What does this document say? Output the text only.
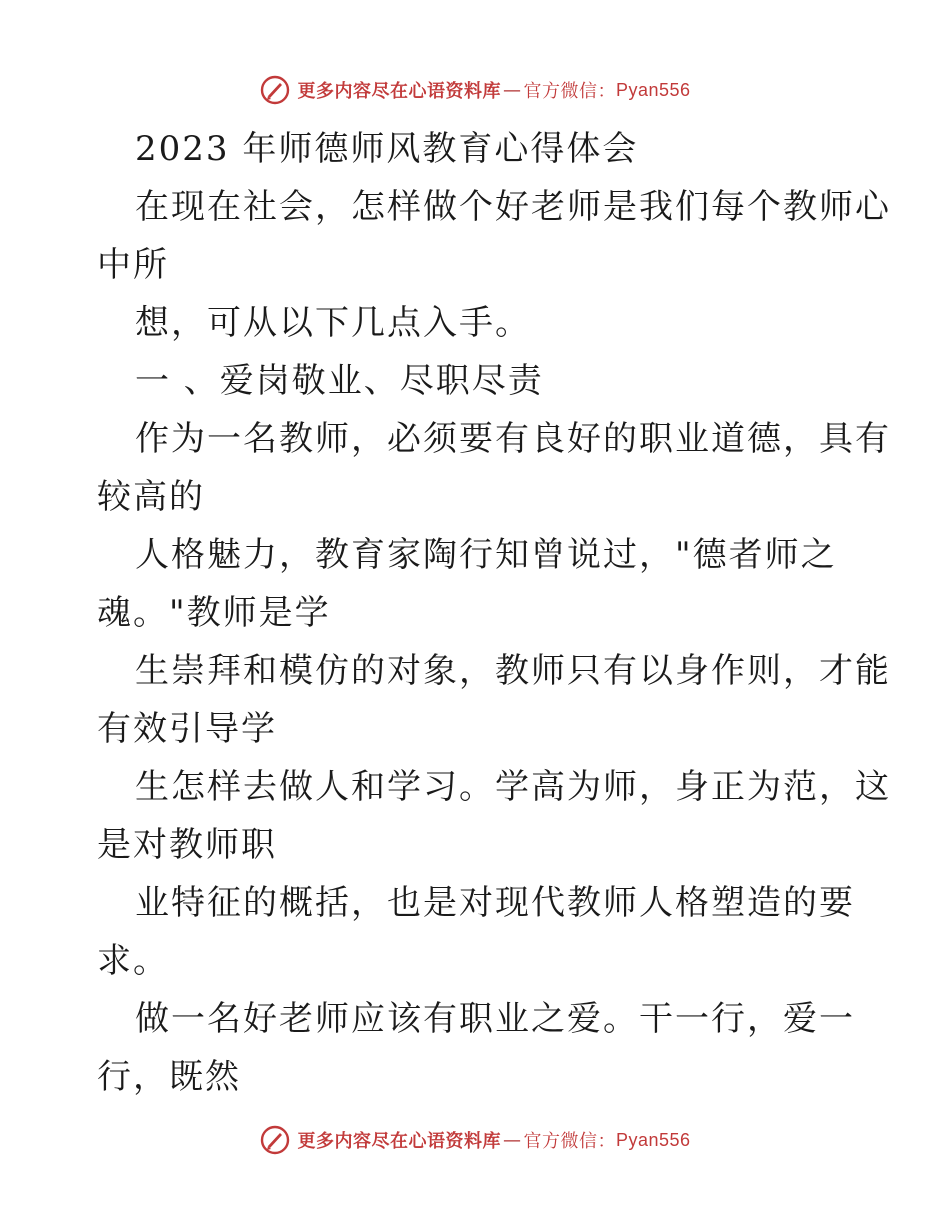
更多内容尽在心语资料库 — 官方微信： Pyan556
2023 年师德师风教育心得体会
在现在社会，怎样做个好老师是我们每个教师心
中所
想，可从以下几点入手。
一 、爱岗敬业、尽职尽责
作为一名教师，必须要有良好的职业道德，具有
较高的
人格魅力，教育家陶行知曾说过，"德者师之
魂。"教师是学
生崇拜和模仿的对象，教师只有以身作则，才能
有效引导学
生怎样去做人和学习。学高为师，身正为范，这
是对教师职
业特征的概括，也是对现代教师人格塑造的要
求。
做一名好老师应该有职业之爱。干一行，爱一
行，既然
更多内容尽在心语资料库 — 官方微信： Pyan556
